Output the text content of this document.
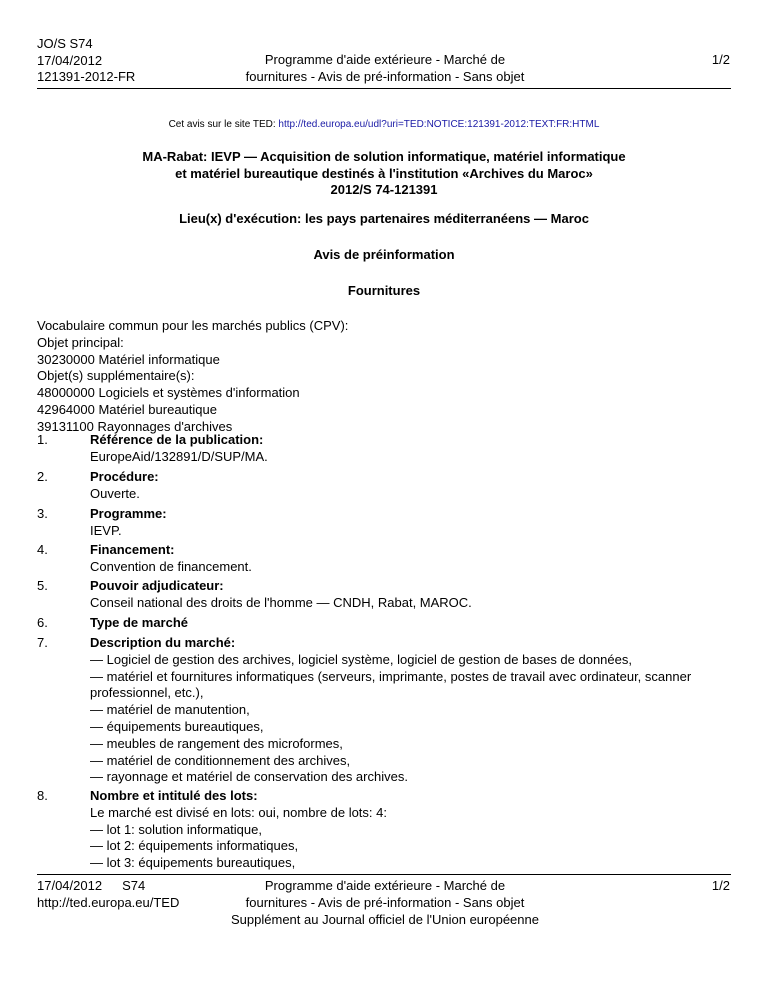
JO/S S74
17/04/2012
121391-2012-FR
Programme d'aide extérieure - Marché de
fournitures - Avis de pré-information - Sans objet
1/2
Cet avis sur le site TED: http://ted.europa.eu/udl?uri=TED:NOTICE:121391-2012:TEXT:FR:HTML
MA-Rabat: IEVP — Acquisition de solution informatique, matériel informatique
et matériel bureautique destinés à l'institution «Archives du Maroc»
2012/S 74-121391
Lieu(x) d'exécution: les pays partenaires méditerranéens — Maroc
Avis de préinformation
Fournitures
Vocabulaire commun pour les marchés publics (CPV):
Objet principal:
30230000 Matériel informatique
Objet(s) supplémentaire(s):
48000000 Logiciels et systèmes d'information
42964000 Matériel bureautique
39131100 Rayonnages d'archives
1.	Référence de la publication:
EuropeAid/132891/D/SUP/MA.
2.	Procédure:
Ouverte.
3.	Programme:
IEVP.
4.	Financement:
Convention de financement.
5.	Pouvoir adjudicateur:
Conseil national des droits de l'homme — CNDH, Rabat, MAROC.
6.	Type de marché
7.	Description du marché:
— Logiciel de gestion des archives, logiciel système, logiciel de gestion de bases de données,
— matériel et fournitures informatiques (serveurs, imprimante, postes de travail avec ordinateur, scanner
professionnel, etc.),
— matériel de manutention,
— équipements bureautiques,
— meubles de rangement des microformes,
— matériel de conditionnement des archives,
— rayonnage et matériel de conservation des archives.
8.	Nombre et intitulé des lots:
Le marché est divisé en lots: oui, nombre de lots: 4:
— lot 1: solution informatique,
— lot 2: équipements informatiques,
— lot 3: équipements bureautiques,
17/04/2012 S74
http://ted.europa.eu/TED
Programme d'aide extérieure - Marché de
fournitures - Avis de pré-information - Sans objet
Supplément au Journal officiel de l'Union européenne
1/2
